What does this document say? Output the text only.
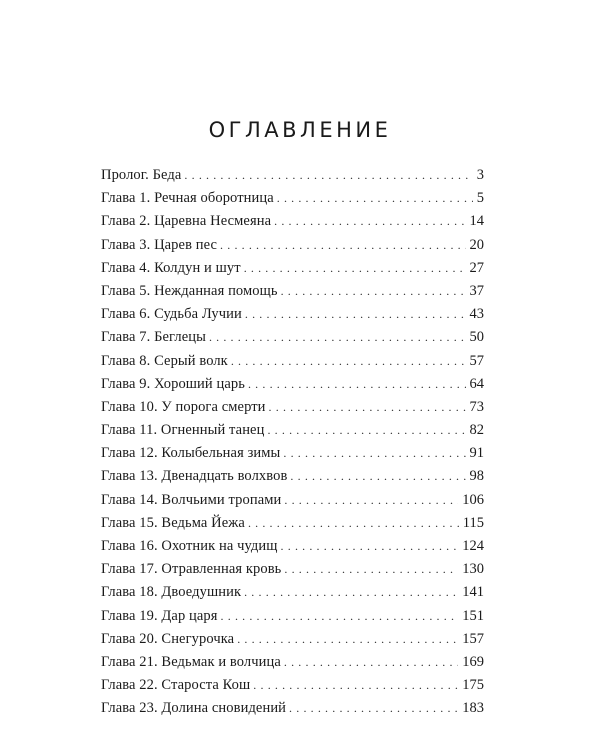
ОГЛАВЛЕНИЕ
Пролог. Беда . . .	3
Глава 1. Речная оборотница . . .	5
Глава 2. Царевна Несмеяна . . .	14
Глава 3. Царев пес . . .	20
Глава 4. Колдун и шут . . .	27
Глава 5. Нежданная помощь . . .	37
Глава 6. Судьба Лучии . . .	43
Глава 7. Беглецы . . .	50
Глава 8. Серый волк . . .	57
Глава 9. Хороший царь . . .	64
Глава 10. У порога смерти . . .	73
Глава 11. Огненный танец . . .	82
Глава 12. Колыбельная зимы . . .	91
Глава 13. Двенадцать волхвов . . .	98
Глава 14. Волчьими тропами . . .	106
Глава 15. Ведьма Йежа . . .	115
Глава 16. Охотник на чудищ . . .	124
Глава 17. Отравленная кровь . . .	130
Глава 18. Двоедушник . . .	141
Глава 19. Дар царя . . .	151
Глава 20. Снегурочка . . .	157
Глава 21. Ведьмак и волчица . . .	169
Глава 22. Староста Кош . . .	175
Глава 23. Долина сновидений . . .	183
